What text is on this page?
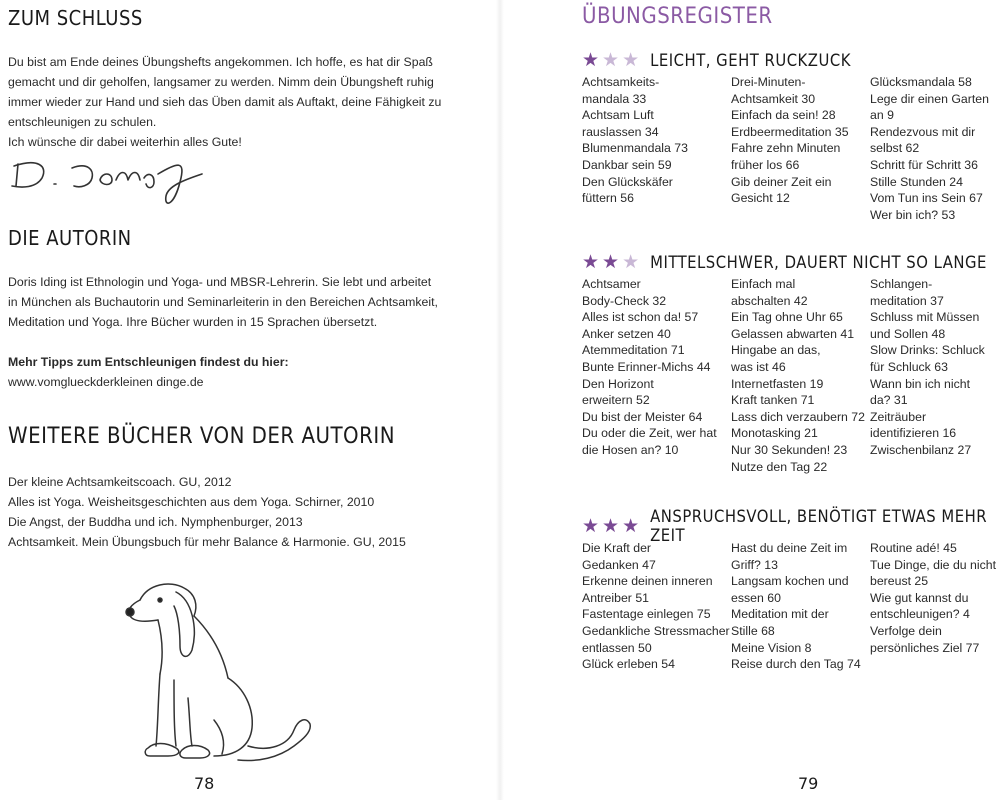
ZUM SCHLUSS

Du bist am Ende deines Übungshefts angekommen. Ich hoffe, es hat dir Spaß

gemacht und dir geholfen, langsamer zu werden. Nimm dein Übungsheft ruhig

immer wieder zur Hand und sieh das Üben damit als Auftakt, deine Fähigkeit zu

entschleunigen zu schulen.

Ich wünsche dir dabei weiterhin alles Gute!

DIE AUTORIN

Doris Iding ist Ethnologin und Yoga- und MBSR-Lehrerin. Sie lebt und arbeitet

in München als Buchautorin und Seminarleiterin in den Bereichen Achtsamkeit,

Meditation und Yoga. Ihre Bücher wurden in 15 Sprachen übersetzt.

Mehr Tipps zum Entschleunigen findest du hier:

www.vomglueckderkleinen dinge.de

WEITERE BÜCHER VON DER AUTORIN

Der kleine Achtsamkeitscoach. GU, 2012

Alles ist Yoga. Weisheitsgeschichten aus dem Yoga. Schirner, 2010

Die Angst, der Buddha und ich. Nymphenburger, 2013

Achtsamkeit. Mein Übungsbuch für mehr Balance & Harmonie. GU, 2015

78
ÜBUNGSREGISTER
★ ★ ★ LEICHT, GEHT RUCKZUCK
Achtsamkeits-
mandala 33
Achtsam Luft
rauslassen 34
Blumenmandala 73
Dankbar sein 59
Den Glückskäfer
füttern 56
Drei-Minuten-
Achtsamkeit 30
Einfach da sein! 28
Erdbeermeditation 35
Fahre zehn Minuten
früher los 66
Gib deiner Zeit ein
Gesicht 12
Glücksmandala 58
Lege dir einen Garten
an 9
Rendezvous mit dir
selbst 62
Schritt für Schritt 36
Stille Stunden 24
Vom Tun ins Sein 67
Wer bin ich? 53
★ ★ ★ MITTELSCHWER, DAUERT NICHT SO LANGE
Achtsamer
Body-Check 32
Alles ist schon da! 57
Anker setzen 40
Atemmeditation 71
Bunte Erinner-Michs 44
Den Horizont
erweitern 52
Du bist der Meister 64
Du oder die Zeit, wer hat
die Hosen an? 10
Einfach mal
abschalten 42
Ein Tag ohne Uhr 65
Gelassen abwarten 41
Hingabe an das,
was ist 46
Internetfasten 19
Kraft tanken 71
Lass dich verzaubern 72
Monotasking 21
Nur 30 Sekunden! 23
Nutze den Tag 22
Schlangen-
meditation 37
Schluss mit Müssen
und Sollen 48
Slow Drinks: Schluck
für Schluck 63
Wann bin ich nicht
da? 31
Zeiträuber
identifizieren 16
Zwischenbilanz 27
★ ★ ★ ANSPRUCHSVOLL, BENÖTIGT ETWAS MEHR ZEIT
Die Kraft der
Gedanken 47
Erkenne deinen inneren
Antreiber 51
Fastentage einlegen 75
Gedankliche Stressmacher
entlassen 50
Glück erleben 54
Hast du deine Zeit im
Griff? 13
Langsam kochen und
essen 60
Meditation mit der
Stille 68
Meine Vision 8
Reise durch den Tag 74
Routine adé! 45
Tue Dinge, die du nicht
bereust 25
Wie gut kannst du
entschleunigen? 4
Verfolge dein
persönliches Ziel 77
79
